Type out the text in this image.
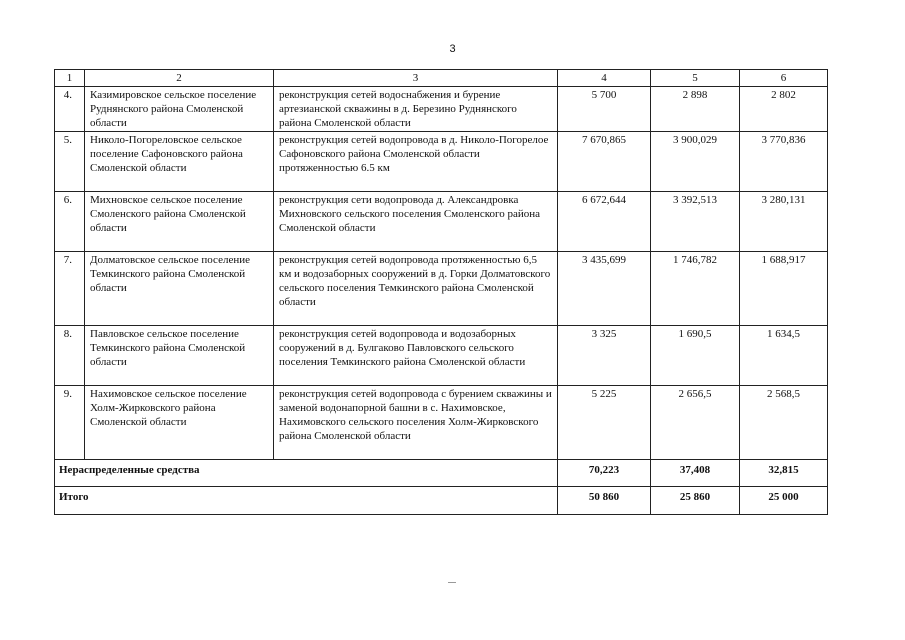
3
1	2	3	4	5	6
4.	Казимировское сельское поселение Руднянского района Смоленской области	реконструкция сетей водоснабжения и бурение артезианской скважины в д. Березино Руднянского района Смоленской области	5 700	2 898	2 802
5.	Николо-Погореловское сельское поселение Сафоновского района Смоленской области	реконструкция сетей водопровода в д. Николо-Погорелое Сафоновского района Смоленской области протяженностью 6.5 км	7 670,865	3 900,029	3 770,836
6.	Михновское сельское поселение Смоленского района Смоленской области	реконструкция сети водопровода д. Александровка Михновского сельского поселения Смоленского района Смоленской области	6 672,644	3 392,513	3 280,131
7.	Долматовское сельское поселение Темкинского района Смоленской области	реконструкция сетей водопровода протяженностью 6,5 км и водозаборных сооружений в д. Горки Долматовского сельского поселения Темкинского района Смоленской области	3 435,699	1 746,782	1 688,917
8.	Павловское сельское поселение Темкинского района Смоленской области	реконструкция сетей водопровода и водозаборных сооружений в д. Булгаково Павловского сельского поселения Темкинского района Смоленской области	3 325	1 690,5	1 634,5
9.	Нахимовское сельское поселение Холм-Жирковского района Смоленской области	реконструкция сетей водопровода с бурением скважины и заменой водонапорной башни в с. Нахимовское, Нахимовского сельского поселения Холм-Жирковского района Смоленской области	5 225	2 656,5	2 568,5
Нераспределенные средства			70,223	37,408	32,815
Итого			50 860	25 860	25 000
